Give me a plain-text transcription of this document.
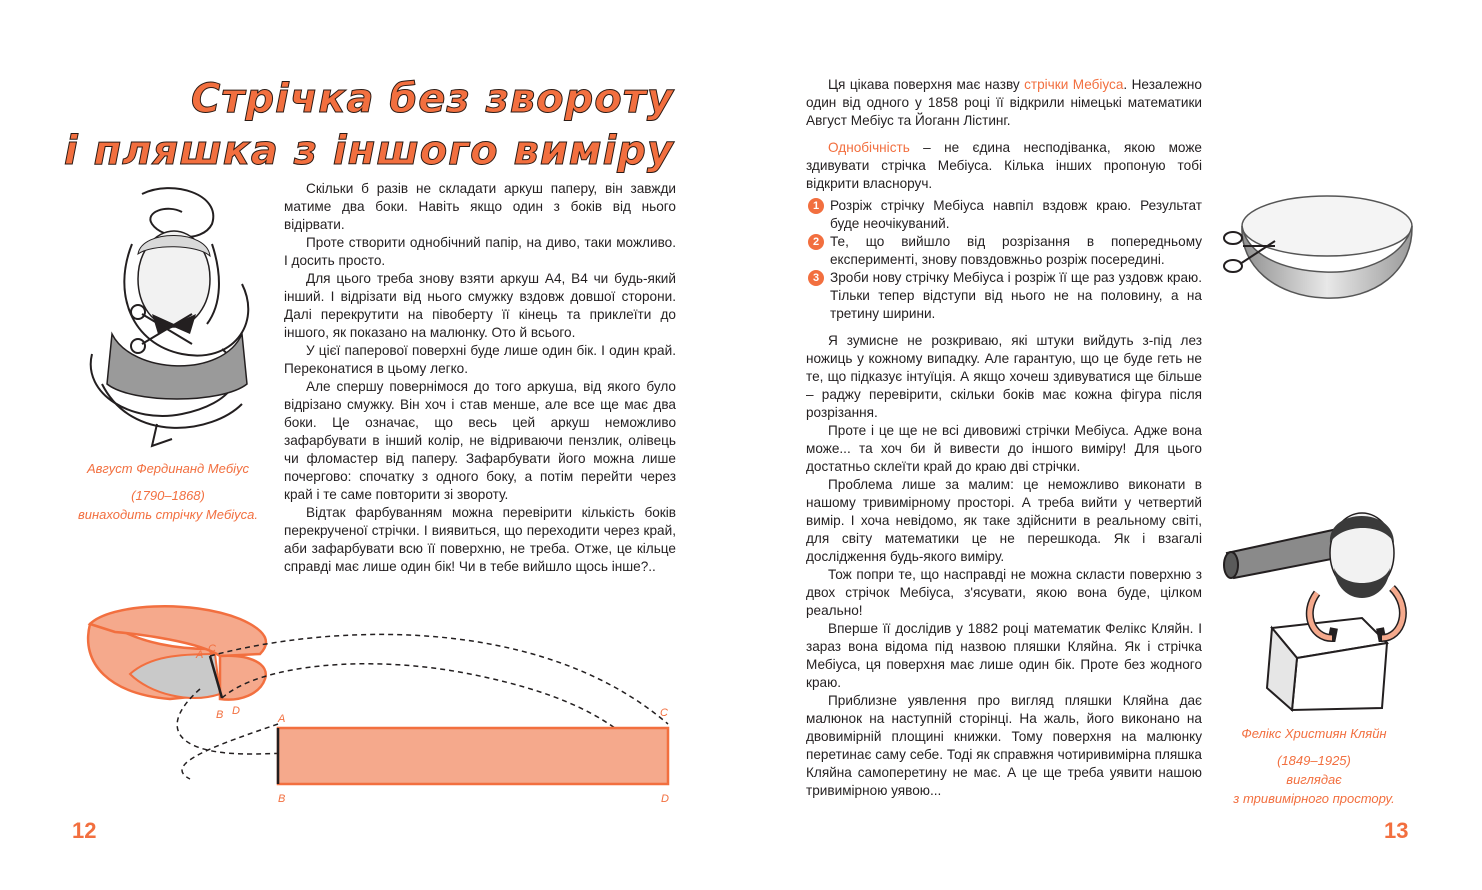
Стрічка без звороту
і пляшка з іншого виміру
Август Фердинанд Мебіус
(1790–1868)
винаходить стрічку Мебіуса.

Скільки б разів не складати аркуш паперу, він завжди матиме два боки. Навіть якщо один з боків від нього відірвати.

Проте створити однобічний папір, на диво, таки можливо. І досить просто.

Для цього треба знову взяти аркуш А4, В4 чи будь-який інший. І відрізати від нього смужку вздовж довшої сторони. Далі перекрутити на півоберту її кінець та приклеїти до іншого, як показано на малюнку. Ото й всього.

У цієї паперової поверхні буде лише один бік. І один край. Переконатися в цьому легко.

Але спершу повернімося до того аркуша, від якого було відрізано смужку. Він хоч і став менше, але все ще має два боки. Це означає, що весь цей аркуш неможливо зафарбувати в інший колір, не відриваючи пензлик, олівець чи фломастер від паперу. Зафарбувати його можна лише почергово: спочатку з одного боку, а потім перейти через край і те саме повторити зі звороту.

Відтак фарбуванням можна перевірити кількість боків перекрученої стрічки. І виявиться, що переходити через край, аби зафарбувати всю її поверхню, не треба. Отже, це кільце справді має лише один бік! Чи в тебе вийшло щось інше?..

A C
B D
A	C
B	D
12

Ця цікава поверхня має назву стрічки Мебіуса. Незалежно один від одного у 1858 році її відкрили німецькі математики Август Мебіус та Йоганн Лістинг.

Однобічність – не єдина несподіванка, якою може здивувати стрічка Мебіуса. Кілька інших пропоную тобі відкрити власноруч.

1 Розріж стрічку Мебіуса навпіл вздовж краю. Результат буде неочікуваний.
2 Те, що вийшло від розрізання в попередньому експерименті, знову повздовжньо розріж посередині.
3 Зроби нову стрічку Мебіуса і розріж її ще раз уздовж краю. Тільки тепер відступи від нього не на половину, а на третину ширини.

Я зумисне не розкриваю, які штуки вийдуть з-під лез ножиць у кожному випадку. Але гарантую, що це буде геть не те, що підказує інтуїція. А якщо хочеш здивуватися ще більше – раджу перевірити, скільки боків має кожна фігура після розрізання.

Проте і це ще не всі дивовижі стрічки Мебіуса. Адже вона може... та хоч би й вивести до іншого виміру! Для цього достатньо склеїти край до краю дві стрічки.

Проблема лише за малим: це неможливо виконати в нашому тривимірному просторі. А треба вийти у четвертий вимір. І хоча невідомо, як таке здійснити в реальному світі, для світу математики це не перешкода. Як і взагалі дослідження будь-якого виміру.

Тож попри те, що насправді не можна скласти поверхню з двох стрічок Мебіуса, з'ясувати, якою вона буде, цілком реально!

Вперше її дослідив у 1882 році математик Фелікс Кляйн. І зараз вона відома під назвою пляшки Кляйна. Як і стрічка Мебіуса, ця поверхня має лише один бік. Проте без жодного краю.

Приблизне уявлення про вигляд пляшки Кляйна дає малюнок на наступній сторінці. На жаль, його виконано на двовимірній площині книжки. Тому поверхня на малюнку перетинає саму себе. Тоді як справжня чотиривимірна пляшка Кляйна самоперетину не має. А це ще треба уявити нашою тривимірною уявою...

Фелікс Християн Кляйн
(1849–1925)
виглядає
з тривимірного простору.
13
